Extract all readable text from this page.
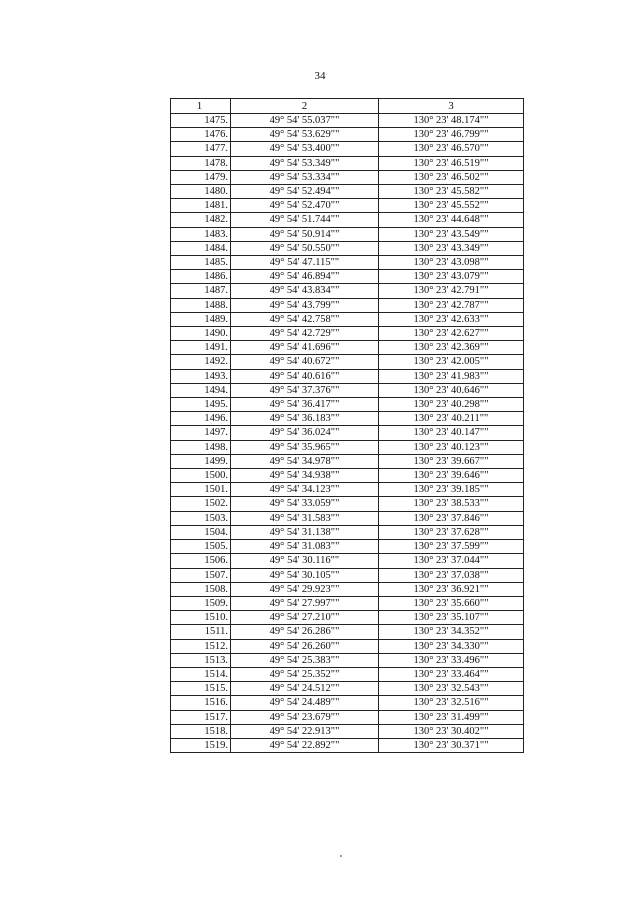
34
1	2	3
1475.	49° 54' 55.037""	130° 23' 48.174""
1476.	49° 54' 53.629""	130° 23' 46.799""
1477.	49° 54' 53.400""	130° 23' 46.570""
1478.	49° 54' 53.349""	130° 23' 46.519""
1479.	49° 54' 53.334""	130° 23' 46.502""
1480.	49° 54' 52.494""	130° 23' 45.582""
1481.	49° 54' 52.470""	130° 23' 45.552""
1482.	49° 54' 51.744""	130° 23' 44.648""
1483.	49° 54' 50.914""	130° 23' 43.549""
1484.	49° 54' 50.550""	130° 23' 43.349""
1485.	49° 54' 47.115""	130° 23' 43.098""
1486.	49° 54' 46.894""	130° 23' 43.079""
1487.	49° 54' 43.834""	130° 23' 42.791""
1488.	49° 54' 43.799""	130° 23' 42.787""
1489.	49° 54' 42.758""	130° 23' 42.633""
1490.	49° 54' 42.729""	130° 23' 42.627""
1491.	49° 54' 41.696""	130° 23' 42.369""
1492.	49° 54' 40.672""	130° 23' 42.005""
1493.	49° 54' 40.616""	130° 23' 41.983""
1494.	49° 54' 37.376""	130° 23' 40.646""
1495.	49° 54' 36.417""	130° 23' 40.298""
1496.	49° 54' 36.183""	130° 23' 40.211""
1497.	49° 54' 36.024""	130° 23' 40.147""
1498.	49° 54' 35.965""	130° 23' 40.123""
1499.	49° 54' 34.978""	130° 23' 39.667""
1500.	49° 54' 34.938""	130° 23' 39.646""
1501.	49° 54' 34.123""	130° 23' 39.185""
1502.	49° 54' 33.059""	130° 23' 38.533""
1503.	49° 54' 31.583""	130° 23' 37.846""
1504.	49° 54' 31.138""	130° 23' 37.628""
1505.	49° 54' 31.083""	130° 23' 37.599""
1506.	49° 54' 30.116""	130° 23' 37.044""
1507.	49° 54' 30.105""	130° 23' 37.038""
1508.	49° 54' 29.923""	130° 23' 36.921""
1509.	49° 54' 27.997""	130° 23' 35.660""
1510.	49° 54' 27.210""	130° 23' 35.107""
1511.	49° 54' 26.286""	130° 23' 34.352""
1512.	49° 54' 26.260""	130° 23' 34.330""
1513.	49° 54' 25.383""	130° 23' 33.496""
1514.	49° 54' 25.352""	130° 23' 33.464""
1515.	49° 54' 24.512""	130° 23' 32.543""
1516.	49° 54' 24.489""	130° 23' 32.516""
1517.	49° 54' 23.679""	130° 23' 31.499""
1518.	49° 54' 22.913""	130° 23' 30.402""
1519.	49° 54' 22.892""	130° 23' 30.371""
